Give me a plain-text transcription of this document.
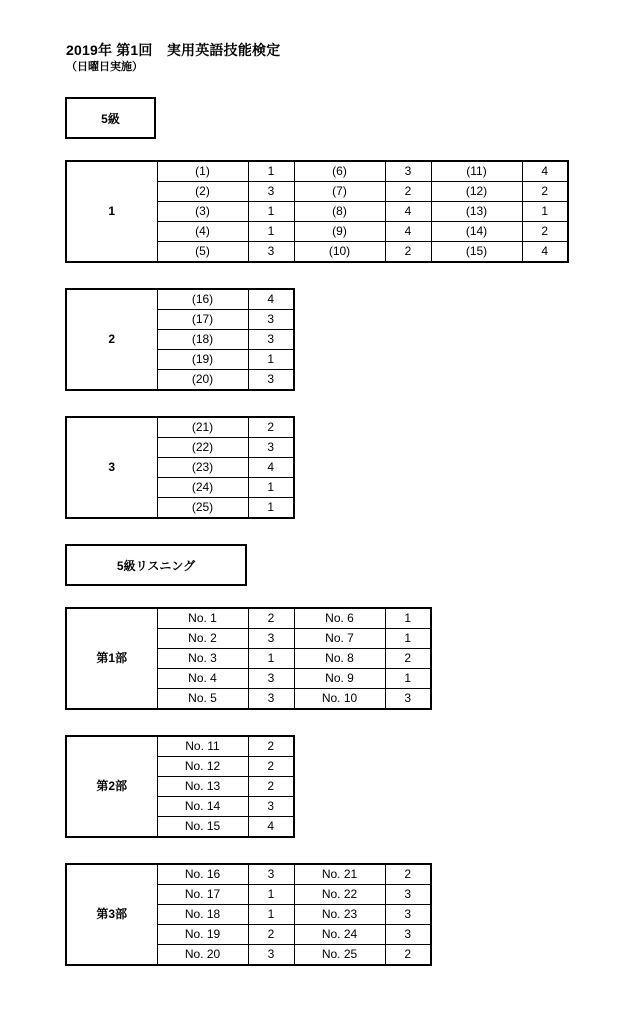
2019年 第1回　実用英語技能検定
（日曜日実施）
5級
1	(1)	1	(6)	3	(11)	4
	(2)	3	(7)	2	(12)	2
	(3)	1	(8)	4	(13)	1
	(4)	1	(9)	4	(14)	2
	(5)	3	(10)	2	(15)	4
2	(16)	4
	(17)	3
	(18)	3
	(19)	1
	(20)	3
3	(21)	2
	(22)	3
	(23)	4
	(24)	1
	(25)	1
5級リスニング
第1部	No. 1	2	No. 6	1
	No. 2	3	No. 7	1
	No. 3	1	No. 8	2
	No. 4	3	No. 9	1
	No. 5	3	No. 10	3
第2部	No. 11	2
	No. 12	2
	No. 13	2
	No. 14	3
	No. 15	4
第3部	No. 16	3	No. 21	2
	No. 17	1	No. 22	3
	No. 18	1	No. 23	3
	No. 19	2	No. 24	3
	No. 20	3	No. 25	2
